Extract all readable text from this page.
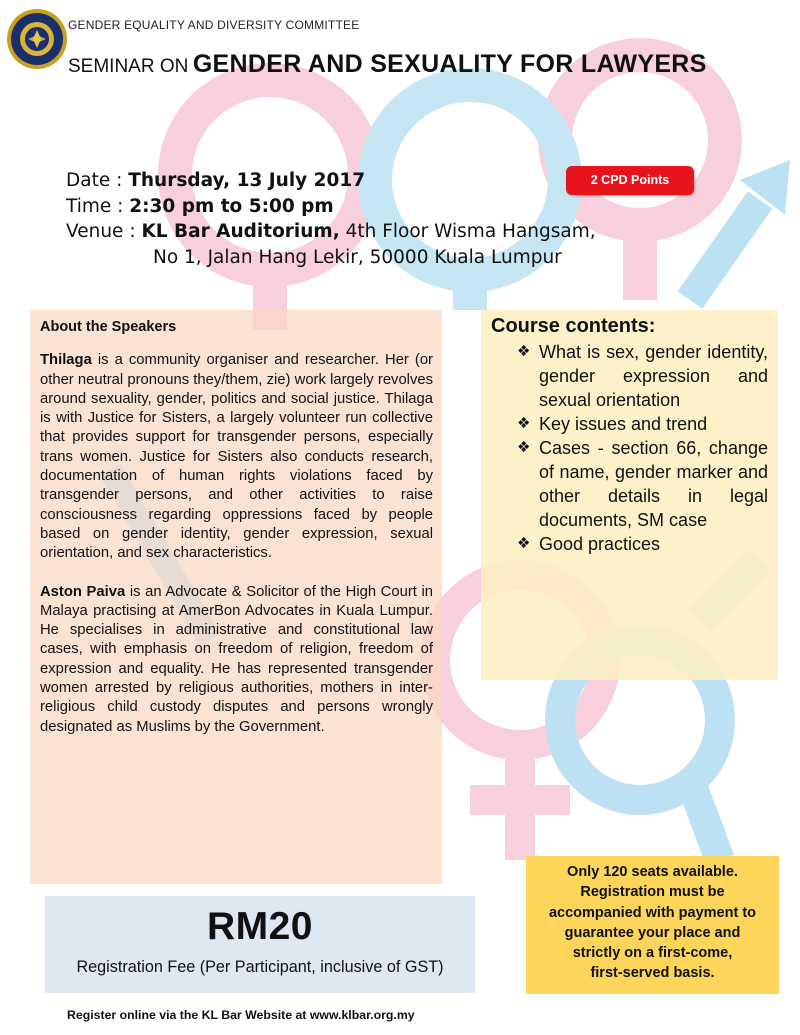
GENDER EQUALITY AND DIVERSITY COMMITTEE
SEMINAR ON GENDER AND SEXUALITY FOR LAWYERS
Date : Thursday, 13 July 2017
Time : 2:30 pm to 5:00 pm
Venue : KL Bar Auditorium, 4th Floor Wisma Hangsam,
No 1, Jalan Hang Lekir, 50000 Kuala Lumpur
2 CPD Points
About the Speakers

Thilaga is a community organiser and researcher. Her (or other neutral pronouns they/them, zie) work largely revolves around sexuality, gender, politics and social justice. Thilaga is with Justice for Sisters, a largely volunteer run collective that provides support for transgender persons, especially trans women. Justice for Sisters also conducts research, documentation of human rights violations faced by transgender persons, and other activities to raise consciousness regarding oppressions faced by people based on gender identity, gender expression, sexual orientation, and sex characteristics.

Aston Paiva is an Advocate & Solicitor of the High Court in Malaya practising at AmerBon Advocates in Kuala Lumpur. He specialises in administrative and constitutional law cases, with emphasis on freedom of religion, freedom of expression and equality. He has represented transgender women arrested by religious authorities, mothers in inter-religious child custody disputes and persons wrongly designated as Muslims by the Government.

Course contents:
❖ What is sex, gender identity, gender expression and sexual orientation
❖ Key issues and trend
❖ Cases - section 66, change of name, gender marker and other details in legal documents, SM case
❖ Good practices
RM20
Registration Fee (Per Participant, inclusive of GST)
Only 120 seats available.
Registration must be
accompanied with payment to
guarantee your place and
strictly on a first-come,
first-served basis.
Register online via the KL Bar Website at www.klbar.org.my
